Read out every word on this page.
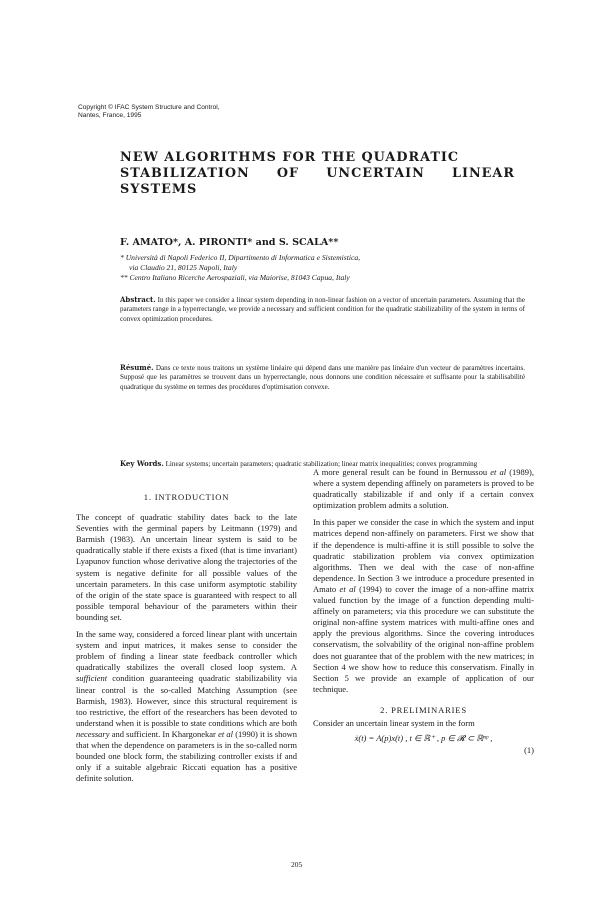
Copyright © IFAC System Structure and Control,
Nantes, France, 1995
NEW ALGORITHMS FOR THE QUADRATIC
STABILIZATION OF UNCERTAIN LINEAR
SYSTEMS
F. AMATO*, A. PIRONTI* and S. SCALA**
* Università di Napoli Federico II, Dipartimento di Informatica e Sistemistica,
via Claudio 21, 80125 Napoli, Italy
** Centro Italiano Ricerche Aerospaziali, via Maiorise, 81043 Capua, Italy
Abstract. In this paper we consider a linear system depending in non-linear fashion on a vector of uncertain parameters. Assuming that the parameters range in a hyperrectangle, we provide a necessary and sufficient condition for the quadratic stabilizability of the system in terms of convex optimization procedures.
Résumé. Dans ce texte nous traitons un système linéaire qui dépend dans une manière pas linéaire d'un vecteur de paramètres incertains. Supposé que les paramètres se trouvent dans un hyperrectangle, nous donnons une condition nécessaire et suffisante pour la stabilisabilité quadratique du système en termes des procédures d'optimisation convexe.
Key Words. Linear systems; uncertain parameters; quadratic stabilization; linear matrix inequalities; convex programming
1. INTRODUCTION

The concept of quadratic stability dates back to the late Seventies with the germinal papers by Leitmann (1979) and Barmish (1983). An uncertain linear system is said to be quadratically stable if there exists a fixed (that is time invariant) Lyapunov function whose derivative along the trajectories of the system is negative definite for all possible values of the uncertain parameters. In this case uniform asymptotic stability of the origin of the state space is guaranteed with respect to all possible temporal behaviour of the parameters within their bounding set.

In the same way, considered a forced linear plant with uncertain system and input matrices, it makes sense to consider the problem of finding a linear state feedback controller which quadratically stabilizes the overall closed loop system. A sufficient condition guaranteeing quadratic stabilizability via linear control is the so-called Matching Assumption (see Barmish, 1983). However, since this structural requirement is too restrictive, the effort of the researchers has been devoted to understand when it is possible to state conditions which are both necessary and sufficient. In Khargonekar et al (1990) it is shown that when the dependence on parameters is in the so-called norm bounded one block form, the stabilizing controller exists if and only if a suitable algebraic Riccati equation has a positive definite solution.

A more general result can be found in Bernussou et al (1989), where a system depending affinely on parameters is proved to be quadratically stabilizable if and only if a certain convex optimization problem admits a solution.

In this paper we consider the case in which the system and input matrices depend non-affinely on parameters. First we show that if the dependence is multi-affine it is still possible to solve the quadratic stabilization problem via convex optimization algorithms. Then we deal with the case of non-affine dependence. In Section 3 we introduce a procedure presented in Amato et al (1994) to cover the image of a non-affine matrix valued function by the image of a function depending multi-affinely on parameters; via this procedure we can substitute the original non-affine system matrices with multi-affine ones and apply the previous algorithms. Since the covering introduces conservatism, the solvability of the original non-affine problem does not guarantee that of the problem with the new matrices; in Section 4 we show how to reduce this conservatism. Finally in Section 5 we provide an example of application of our technique.

2. PRELIMINARIES

Consider an uncertain linear system in the form

ẋ(t) = A(p)x(t) , t ∈ ℝ⁺ , p ∈ 𝓡 ⊂ ℝⁿᵖ ,
(1)
205
